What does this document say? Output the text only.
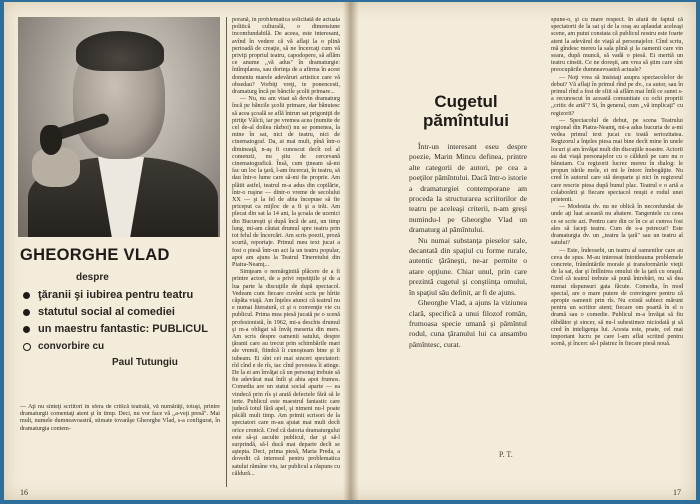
GHEORGHE VLAD
despre
ţăranii şi iubirea pentru teatru
statutul social al comediei
un maestru fantastic: PUBLICUL
convorbire cu
Paul Tutungiu

— Aţi nu sînteţi scriitori în sfera de critică teatrală, vă numărăţi, totuşi, printre dramaturgii comentaţi atent şi în timp. Deci, nu vor face vă ,,a-veţi presă". Mai mult, numele dumneavoastră, stimate tovarăşe Gheorghe Vlad, s-a configurat, în dramaturgia contem-

porană, în problematica solicitată de actuala politică culturală, o dimensiune incomfundabilă. De aceea, este interesant, avînd în vedere că vă aflaţi la o plină perioadă de creaţie, să ne încercaţi cum vă priviţi propriul teatru, capodopere, să aflăm ce anume ,,vă adus" în dramaturgie: întîmplarea, sau dorinţa de a afirma în acest domeniu marele adevăruri artistice care vă obsedau? Vorbiţi vreţi, te ponencesti, dramaturg încă pe băncile şcolii primare...

— Nu, nu am visat să devin dramaturg încă pe băncile şcolii primare, dar bănuiesc să acea şcoală se află întrun sat prigoniţii de pirtiţe Vâlcii, iar pe vremea acea (numite de cel de-al doilea război) nu se pomenea, la mine în sat, nici de teatru, nici de cinematograf. Da, ai mai mult, pînă într-o dimineaţă, n-aş fi cunoscut decît cel al comenzii, nu ştiu de cercevană cinematografică. Însă, cum ţineam să-mi fac un loc la ţară, l-am încercat, în teatru, să dau într-o lume care să-mi fie proprie. Am plătit astfel, teatrul m-a adus din copilărie, într-o ruşine — dintr-o vreme de secolului XX — şi la fel de abia începuse să fie priceput ca mijloc de a fi şi a trăi. Am plecat din sat la 14 ani, la şcoala de ucenici din Bucureşti şi după încă de ani, un timp lung, mi-am căutat drumul spre teatru prin tot felul de încercări. Am scris poezii, proză scurtă, reportaje. Primul meu text jucat a fost o piesă într-un act la un teatru popular, apoi am ajuns la Teatrul Tineretului din Piatra-Neamţ...

Simţeam o nemărginită plăcere de a fi printre actori, de a privi repetiţiile şi de a lua parte la discuţiile de după spectacol. Vedeam cum fiecare cuvânt scris pe hîrtie căpăta viaţă. Am înţeles atunci că teatrul nu e numai literatură, ci şi o convenţie vie cu publicul. Prima mea piesă jucată pe o scenă profesionistă, în 1962, mi-a deschis drumul şi m-a obligat să învăţ meseria din mers. Am scris despre oamenii satului, despre ţăranii care au trecut prin schimbările mari ale vremii, fiindcă îi cunoşteam bine şi îi iubeam. Ei sînt cei mai sinceri spectatori: rîd cînd e de rîs, tac cînd povestea îi atinge. De la ei am învăţat că un personaj trebuie să fie adevărat mai întîi şi abia apoi frumos. Comedia are un statut social aparte — ea vindecă prin rîs şi arată defectele fără să le ierte. Publicul este maestrul fantastic care judecă totul fără apel, şi nimeni nu-l poate păcăli mult timp. Am primit scrisori de la spectatori care m-au ajutat mai mult decît orice cronică. Cred că datoria dramaturgului este să-şi asculte publicul, dar şi să-l surprindă, să-l ducă mai departe decît se aştepta. Deci, prima piesă, Maria Preda, a dovedit că interesul pentru problematica satului rămâne viu, iar publicul a răspuns cu căldură...

16
Cugetul pămîntului

Într-un interesant eseu despre poezie, Marin Mincu definea, printre alte categorii de autori, pe cea a poeţilor pămîntului. Dacă într-o istorie a dramaturgiei contemporane am proceda la structurarea scriitorilor de teatru pe aceleaşi criterii, n-am greşi numindu-l pe Gheorghe Vlad un dramaturg al pămîntului.

Nu numai substanţa pieselor sale, decantată din spaţiul cu forme rurale, autentic ţărăneşti, ne-ar permite o atare opţiune. Chiar unul, prin care prezintă cugetul şi conştiinţa omului, în spaţiul său definit, ar fi de ajuns.

Gheorghe Vlad, a ajuns la viziunea clară, specifică a unui filozof român, frumoasa specie umană şi pămîntul rodul, cuna ţăranului lui ca ansambu pămîntesc, curat.

P. T.

spune-o, şi cu mare respect. În afară de faptul că spectatorii de la sat şi de la oraş au aplaudat aceleaşi scene, am putut constata că publicul nostru este foarte atent la adevărul de viaţă al personajelor. Cînd scriu, mă gîndesc mereu la sala plină şi la oamenii care vin seara, după muncă, să vadă o piesă. Ei merită un teatru cinstit. Ce ne doreşti, am vrea să ştim care sînt preocupările dumneavoastră actuale?

— Noţi vrea să insistaţi asupra spectacolelor de debut? Vă aflaţi în primul rînd pe dv., ca autor, sau în primul rînd a fost de sfiit să aflăm mai întîi ce sunet s-a recunoscut în această comunitate cu ochi propriii ,,critic de artă"? Si, în general, cum ,,vă implicaţi" cu regizorii?

— Spectacolul de debut, pe scena Teatrului regional din Piatra-Neamţ, mi-a adus bucuria de a-mi vedea primul text jucat cu toată seriozitatea. Regizorul a înţeles piesa mai bine decît mine în unele locuri şi am învăţat mult din discuţiile noastre. Actorii au dat viaţă personajelor cu o căldură pe care nu o bănuiam. Cu regizorii lucrez mereu în dialog: le propun ideile mele, ei mi le întorc îmbogăţite. Nu cred în autorul care stă deoparte şi nici în regizorul care rescrie piesa după bunul plac. Teatrul e o artă a colaborării şi fiecare spectacol reuşit e rodul unei prietenii.

— Modestia dv. nu ne oblică în neconfundat de unde aţi luat această nu abatere. Tangentele cu ceea ce se scrie azi. Pentru care din ce în ce ai cumva fost ales să faceţi teatru. Cum de s-a petrecut? Este dramaturgia dv. un ,,teatru la ţară" sau un teatru al satului?

— Este, îndeosebi, un teatru al oamenilor care au ceva de spus. M-au interesat întotdeauna problemele concrete, frămîntările morale şi transformările vieţii de la sat, dar şi întîlnirea omului de la ţară cu oraşul. Cred că teatrul trebuie să pună întrebări, nu să dea numai răspunsuri gata făcute. Comedia, în mod special, are o mare putere de convingere pentru că apropie oamenii prin rîs. Nu există subiect mărunt pentru un scriitor atent; fiecare om poartă în el o dramă sau o comedie. Publicul m-a învăţat să fiu răbdător şi sincer, să nu-l subestimez niciodată şi să cred în inteligenţa lui. Acesta este, poate, cel mai important lucru pe care l-am aflat scriind pentru scenă, şi încerc să-l păstrez în fiecare piesă nouă.

17
